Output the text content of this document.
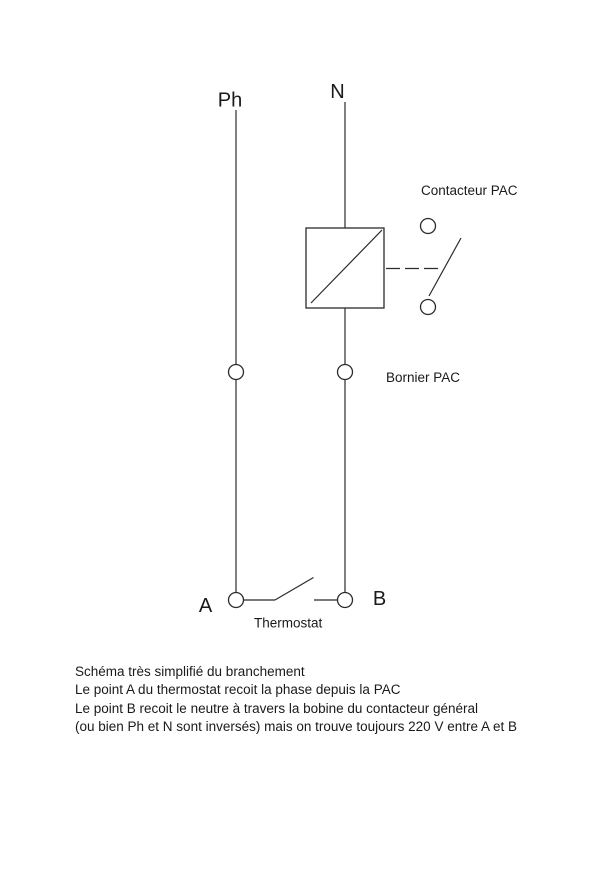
Ph	N
Contacteur PAC
Bornier PAC
A	B
Thermostat
Schéma très simplifié du branchement
Le point A du thermostat recoit la phase depuis la PAC
Le point B recoit le neutre à travers la bobine du contacteur général
(ou bien Ph et N sont inversés) mais on trouve toujours 220 V entre A et B
